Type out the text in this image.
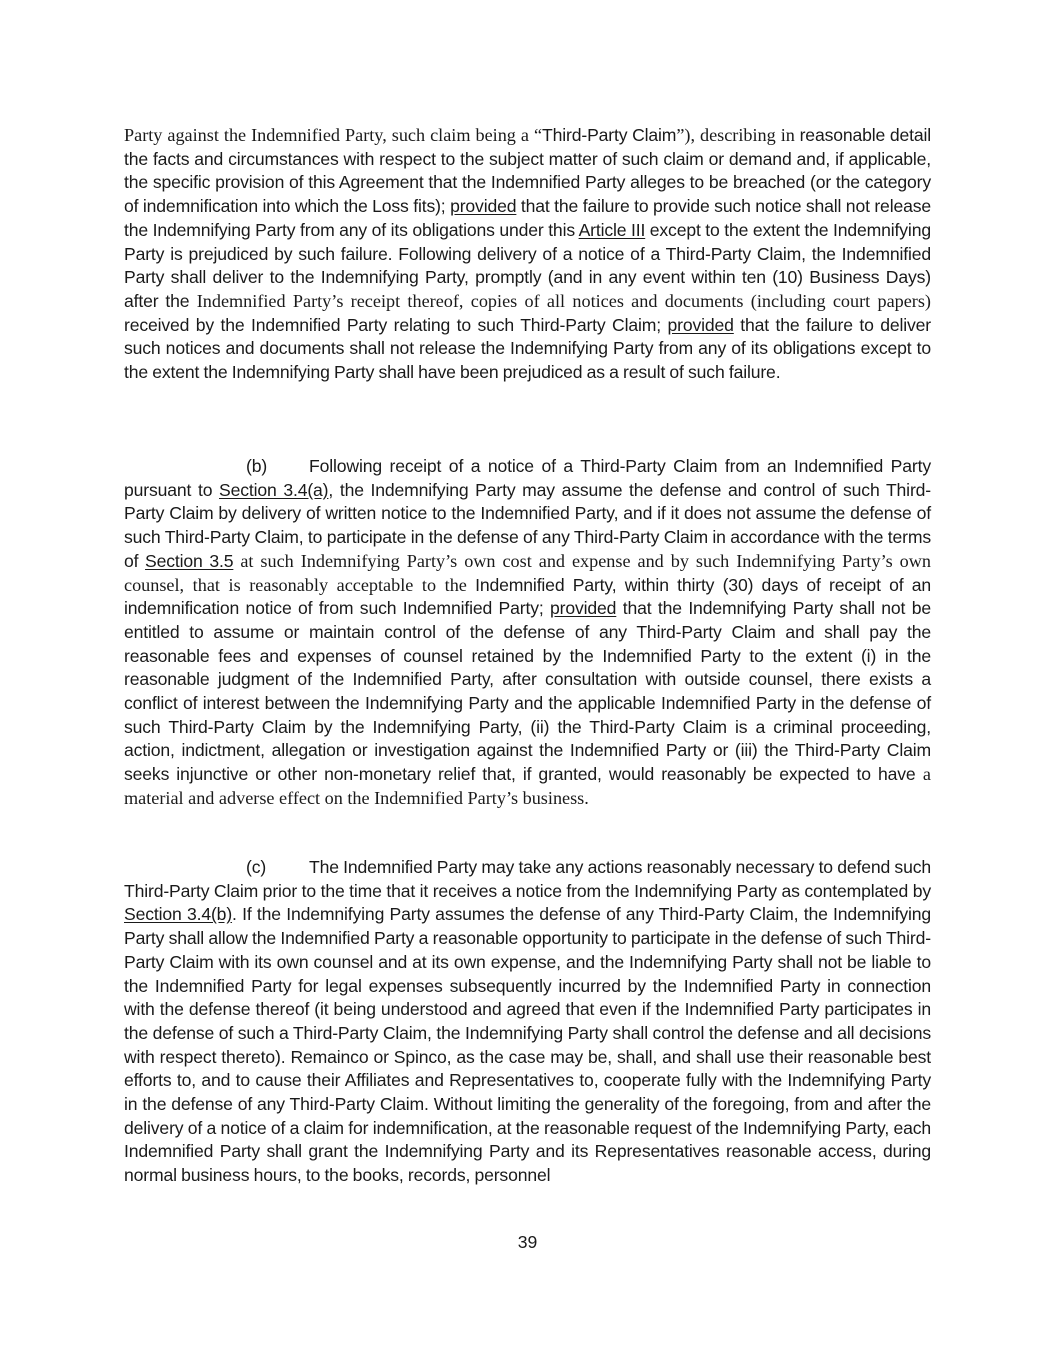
Party against the Indemnified Party, such claim being a “Third-Party Claim”), describing in reasonable detail the facts and circumstances with respect to the subject matter of such claim or demand and, if applicable, the specific provision of this Agreement that the Indemnified Party alleges to be breached (or the category of indemnification into which the Loss fits); provided that the failure to provide such notice shall not release the Indemnifying Party from any of its obligations under this Article III except to the extent the Indemnifying Party is prejudiced by such failure. Following delivery of a notice of a Third-Party Claim, the Indemnified Party shall deliver to the Indemnifying Party, promptly (and in any event within ten (10) Business Days) after the Indemnified Party’s receipt thereof, copies of all notices and documents (including court papers) received by the Indemnified Party relating to such Third-Party Claim; provided that the failure to deliver such notices and documents shall not release the Indemnifying Party from any of its obligations except to the extent the Indemnifying Party shall have been prejudiced as a result of such failure.
(b) Following receipt of a notice of a Third-Party Claim from an Indemnified Party pursuant to Section 3.4(a), the Indemnifying Party may assume the defense and control of such Third-Party Claim by delivery of written notice to the Indemnified Party, and if it does not assume the defense of such Third-Party Claim, to participate in the defense of any Third-Party Claim in accordance with the terms of Section 3.5 at such Indemnifying Party’s own cost and expense and by such Indemnifying Party’s own counsel, that is reasonably acceptable to the Indemnified Party, within thirty (30) days of receipt of an indemnification notice of from such Indemnified Party; provided that the Indemnifying Party shall not be entitled to assume or maintain control of the defense of any Third-Party Claim and shall pay the reasonable fees and expenses of counsel retained by the Indemnified Party to the extent (i) in the reasonable judgment of the Indemnified Party, after consultation with outside counsel, there exists a conflict of interest between the Indemnifying Party and the applicable Indemnified Party in the defense of such Third-Party Claim by the Indemnifying Party, (ii) the Third-Party Claim is a criminal proceeding, action, indictment, allegation or investigation against the Indemnified Party or (iii) the Third-Party Claim seeks injunctive or other non-monetary relief that, if granted, would reasonably be expected to have a material and adverse effect on the Indemnified Party’s business.
(c) The Indemnified Party may take any actions reasonably necessary to defend such Third-Party Claim prior to the time that it receives a notice from the Indemnifying Party as contemplated by Section 3.4(b). If the Indemnifying Party assumes the defense of any Third-Party Claim, the Indemnifying Party shall allow the Indemnified Party a reasonable opportunity to participate in the defense of such Third-Party Claim with its own counsel and at its own expense, and the Indemnifying Party shall not be liable to the Indemnified Party for legal expenses subsequently incurred by the Indemnified Party in connection with the defense thereof (it being understood and agreed that even if the Indemnified Party participates in the defense of such a Third-Party Claim, the Indemnifying Party shall control the defense and all decisions with respect thereto). Remainco or Spinco, as the case may be, shall, and shall use their reasonable best efforts to, and to cause their Affiliates and Representatives to, cooperate fully with the Indemnifying Party in the defense of any Third-Party Claim. Without limiting the generality of the foregoing, from and after the delivery of a notice of a claim for indemnification, at the reasonable request of the Indemnifying Party, each Indemnified Party shall grant the Indemnifying Party and its Representatives reasonable access, during normal business hours, to the books, records, personnel
39
